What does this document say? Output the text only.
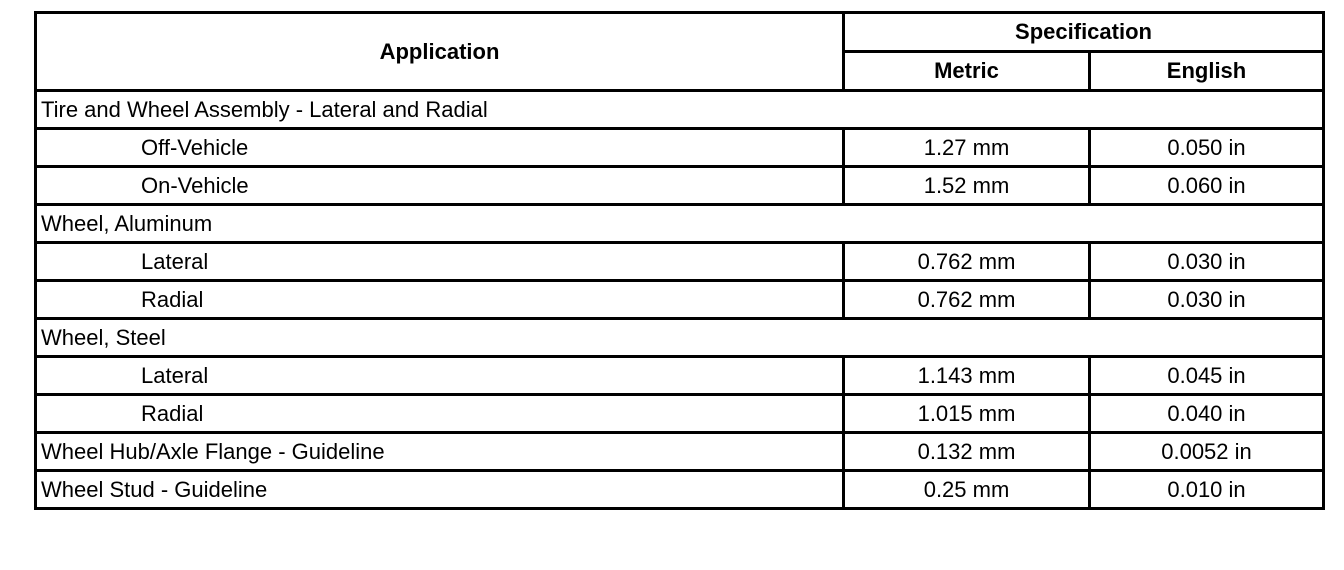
Application	Specification	
	Metric	English
Tire and Wheel Assembly - Lateral and Radial		
Off-Vehicle	1.27 mm	0.050 in
On-Vehicle	1.52 mm	0.060 in
Wheel, Aluminum		
Lateral	0.762 mm	0.030 in
Radial	0.762 mm	0.030 in
Wheel, Steel		
Lateral	1.143 mm	0.045 in
Radial	1.015 mm	0.040 in
Wheel Hub/Axle Flange - Guideline	0.132 mm	0.0052 in
Wheel Stud - Guideline	0.25 mm	0.010 in
